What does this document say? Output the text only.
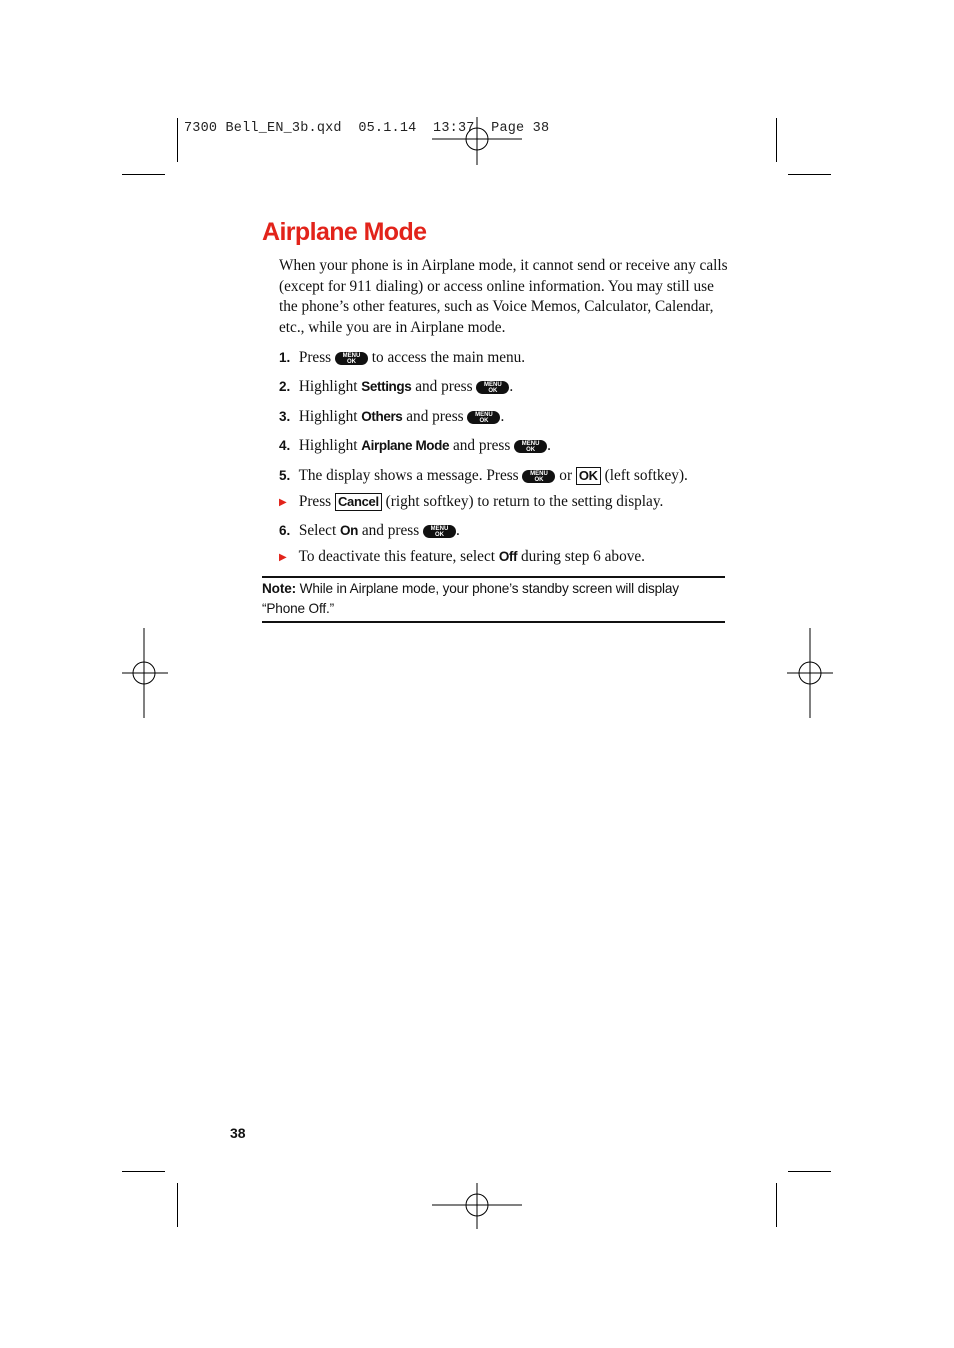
7300 Bell_EN_3b.qxd  05.1.14  13:37  Page 38
Airplane Mode

When your phone is in Airplane mode, it cannot send or receive any calls (except for 911 dialing) or access online information. You may still use the phone’s other features, such as Voice Memos, Calculator, Calendar, etc., while you are in Airplane mode.

1. Press	MENU
OK	to access the main menu.
2. Highlight Settings and press	MENU
OK .
3. Highlight Others and press	MENU
OK .
4. Highlight Airplane Mode and press	MENU
OK .
5. The display shows a message. Press	MENU
OK	or OK (left softkey).
▶ Press Cancel (right softkey) to return to the setting display.
6. Select On and press	MENU
OK .
▶ To deactivate this feature, select Off during step 6 above.

Note: While in Airplane mode, your phone’s standby screen will display “Phone Off.”

38
